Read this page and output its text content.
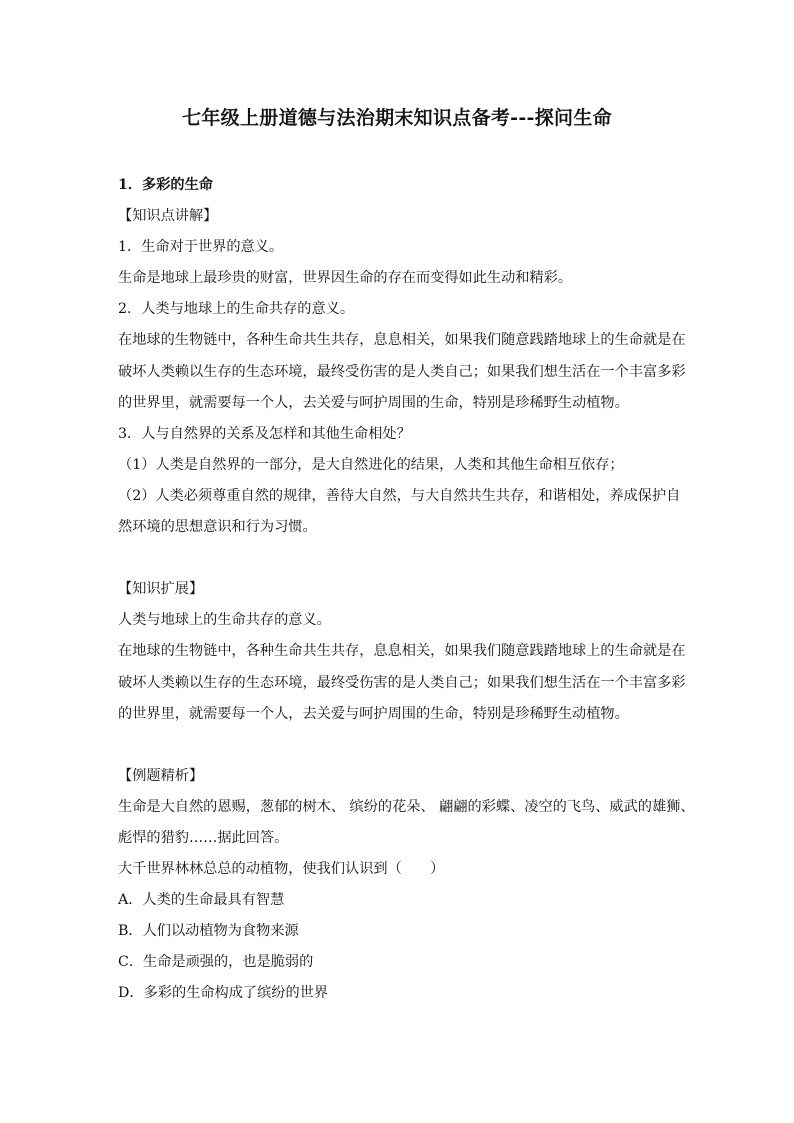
七年级上册道德与法治期末知识点备考---探问生命
1．多彩的生命
【知识点讲解】
1．生命对于世界的意义。
生命是地球上最珍贵的财富，世界因生命的存在而变得如此生动和精彩。
2．人类与地球上的生命共存的意义。
在地球的生物链中，各种生命共生共存，息息相关，如果我们随意践踏地球上的生命就是在
破坏人类赖以生存的生态环境，最终受伤害的是人类自己；如果我们想生活在一个丰富多彩
的世界里，就需要每一个人，去关爱与呵护周围的生命，特别是珍稀野生动植物。
3．人与自然界的关系及怎样和其他生命相处？
（1）人类是自然界的一部分，是大自然进化的结果，人类和其他生命相互依存；
（2）人类必须尊重自然的规律，善待大自然，与大自然共生共存，和谐相处，养成保护自
然环境的思想意识和行为习惯。
【知识扩展】
人类与地球上的生命共存的意义。
在地球的生物链中，各种生命共生共存，息息相关，如果我们随意践踏地球上的生命就是在
破坏人类赖以生存的生态环境，最终受伤害的是人类自己；如果我们想生活在一个丰富多彩
的世界里，就需要每一个人，去关爱与呵护周围的生命，特别是珍稀野生动植物。
【例题精析】
生命是大自然的恩赐，葱郁的树木、 缤纷的花朵、 翩翩的彩蝶、凌空的飞鸟、威武的雄狮、
彪悍的猎豹……据此回答。
大千世界林林总总的动植物，使我们认识到（　　）
A．人类的生命最具有智慧
B．人们以动植物为食物来源
C．生命是顽强的，也是脆弱的
D．多彩的生命构成了缤纷的世界
